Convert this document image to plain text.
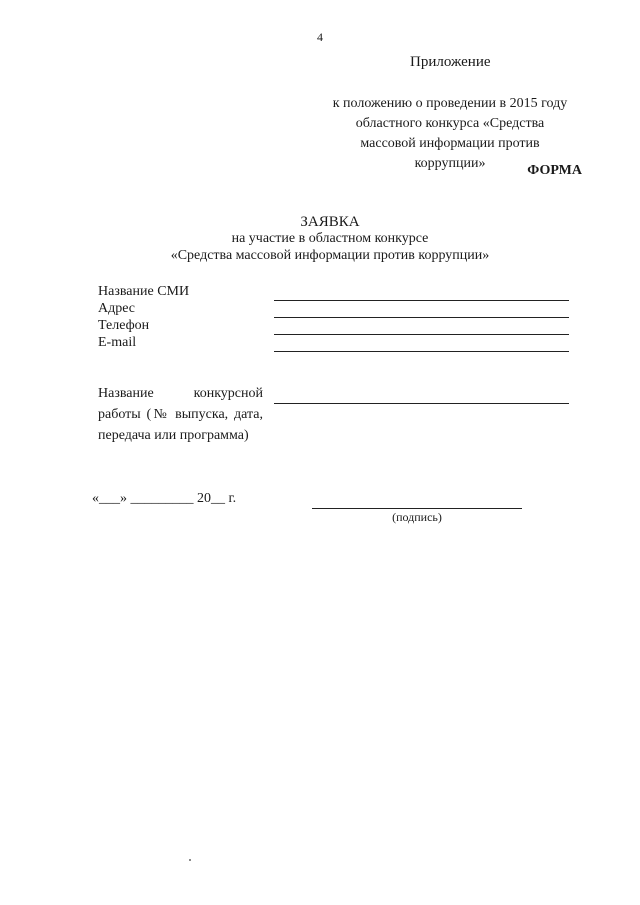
4
Приложение
к положению о проведении в 2015 году
областного конкурса «Средства
массовой информации против
коррупции»	ФОРМА
ЗАЯВКА
на участие в областном конкурсе
«Средства массовой информации против коррупции»
Название СМИ
Адрес
Телефон
E-mail
Название конкурсной работы (№ выпуска, дата, передача или программа)
«___» _________ 20__ г.
(подпись)
